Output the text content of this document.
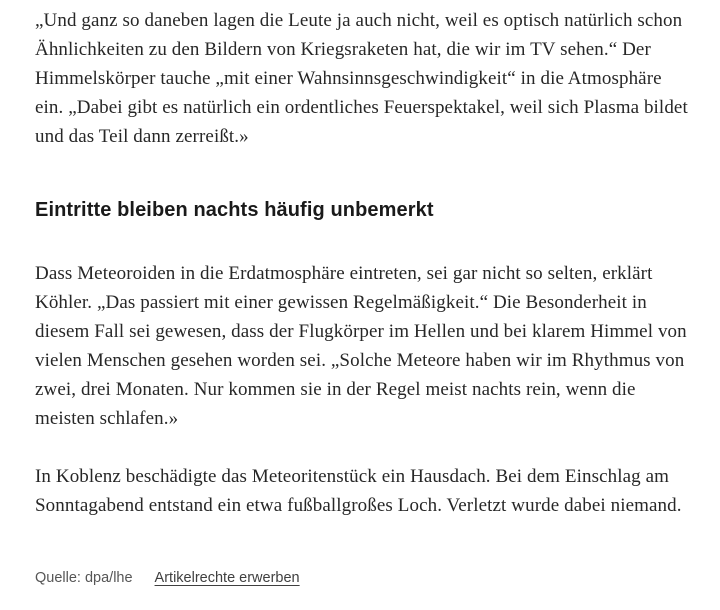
„Und ganz so daneben lagen die Leute ja auch nicht, weil es optisch natürlich schon Ähnlichkeiten zu den Bildern von Kriegsraketen hat, die wir im TV sehen.“ Der Himmelskörper tauche „mit einer Wahnsinnsgeschwindigkeit“ in die Atmosphäre ein. „Dabei gibt es natürlich ein ordentliches Feuerspektakel, weil sich Plasma bildet und das Teil dann zerreißt.»

Eintritte bleiben nachts häufig unbemerkt

Dass Meteoroiden in die Erdatmosphäre eintreten, sei gar nicht so selten, erklärt Köhler. „Das passiert mit einer gewissen Regelmäßigkeit.“ Die Besonderheit in diesem Fall sei gewesen, dass der Flugkörper im Hellen und bei klarem Himmel von vielen Menschen gesehen worden sei. „Solche Meteore haben wir im Rhythmus von zwei, drei Monaten. Nur kommen sie in der Regel meist nachts rein, wenn die meisten schlafen.»

In Koblenz beschädigte das Meteoritenstück ein Hausdach. Bei dem Einschlag am Sonntagabend entstand ein etwa fußballgroßes Loch. Verletzt wurde dabei niemand.

Quelle: dpa/lhe Artikelrechte erwerben
